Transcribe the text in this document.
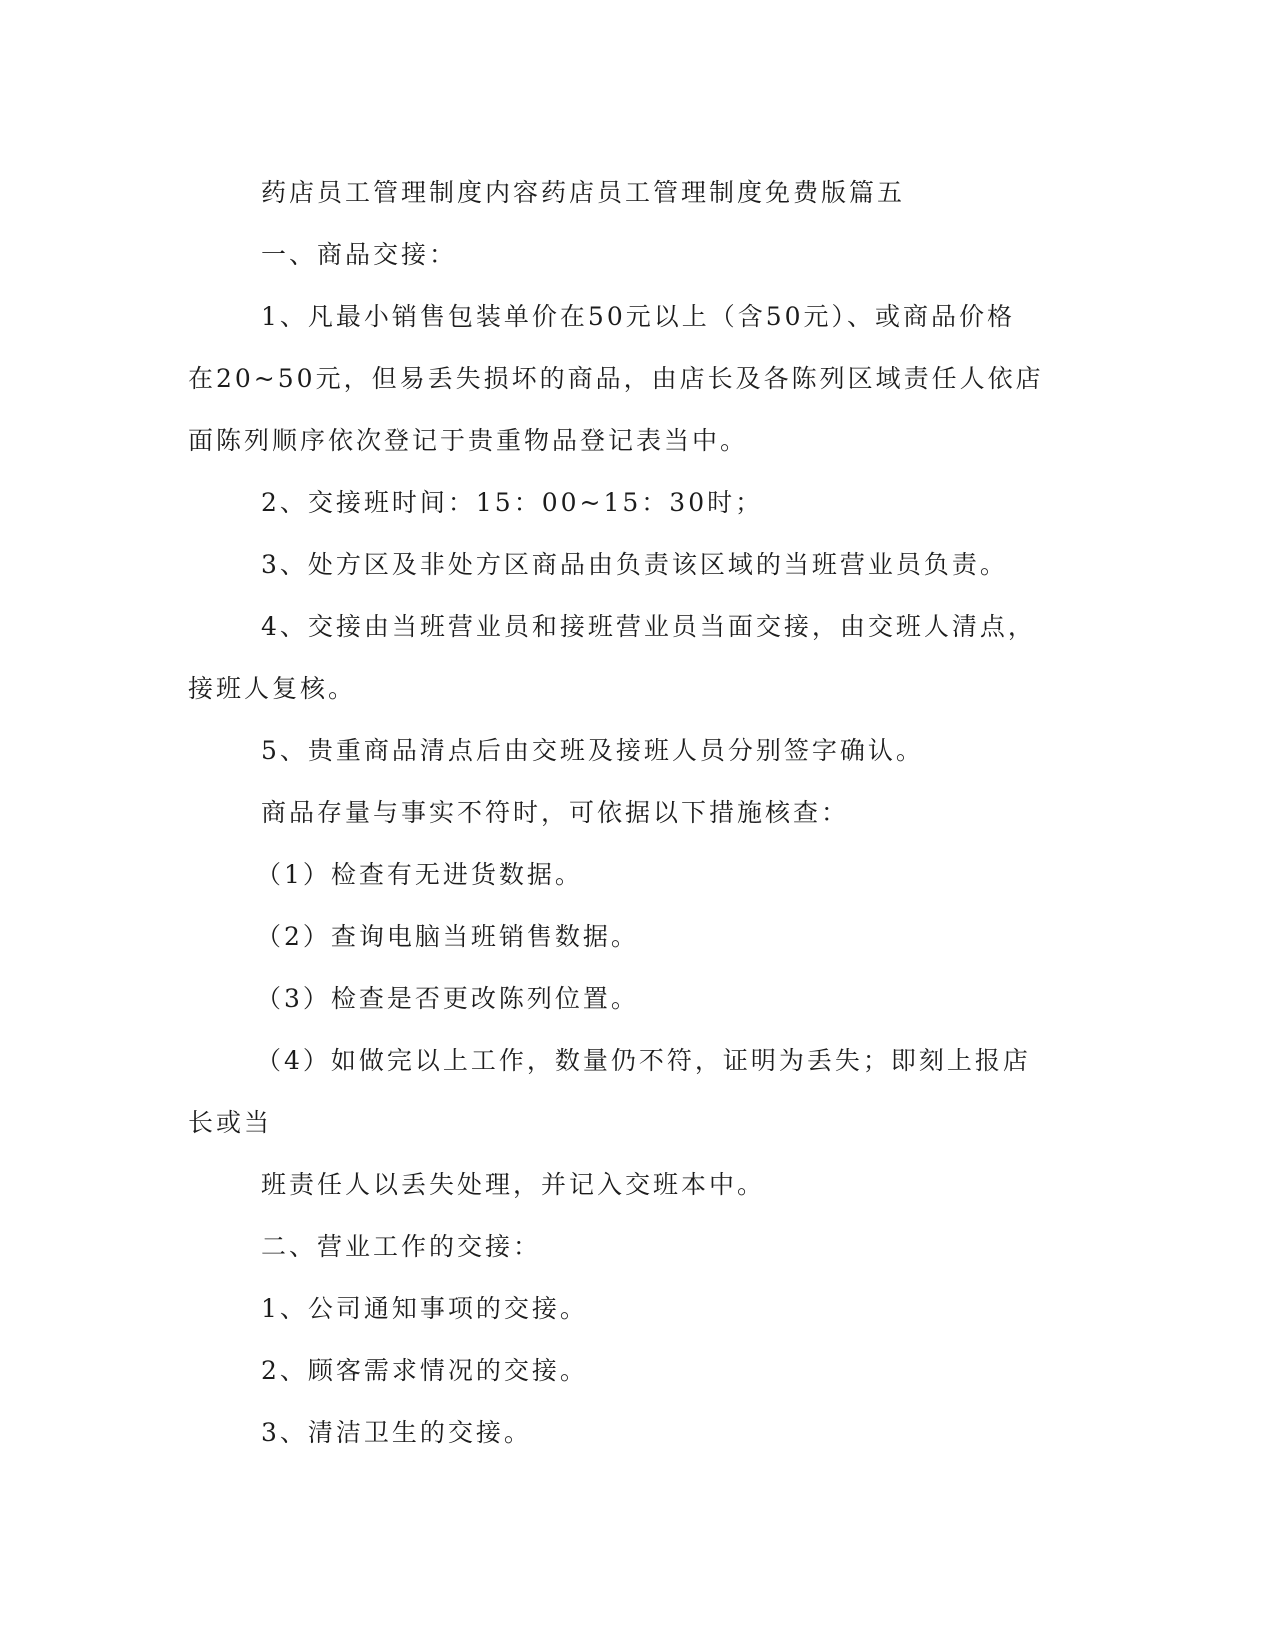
药店员工管理制度内容药店员工管理制度免费版篇五
一、商品交接：
1、凡最小销售包装单价在50元以上（含50元）、或商品价格
在20~50元，但易丢失损坏的商品，由店长及各陈列区域责任人依店
面陈列顺序依次登记于贵重物品登记表当中。
2、交接班时间：15：00~15：30时；
3、处方区及非处方区商品由负责该区域的当班营业员负责。
4、交接由当班营业员和接班营业员当面交接，由交班人清点，
接班人复核。
5、贵重商品清点后由交班及接班人员分别签字确认。
商品存量与事实不符时，可依据以下措施核查：
（1）检查有无进货数据。
（2）查询电脑当班销售数据。
（3）检查是否更改陈列位置。
（4）如做完以上工作，数量仍不符，证明为丢失；即刻上报店
长或当
班责任人以丢失处理，并记入交班本中。
二、营业工作的交接：
1、公司通知事项的交接。
2、顾客需求情况的交接。
3、清洁卫生的交接。
